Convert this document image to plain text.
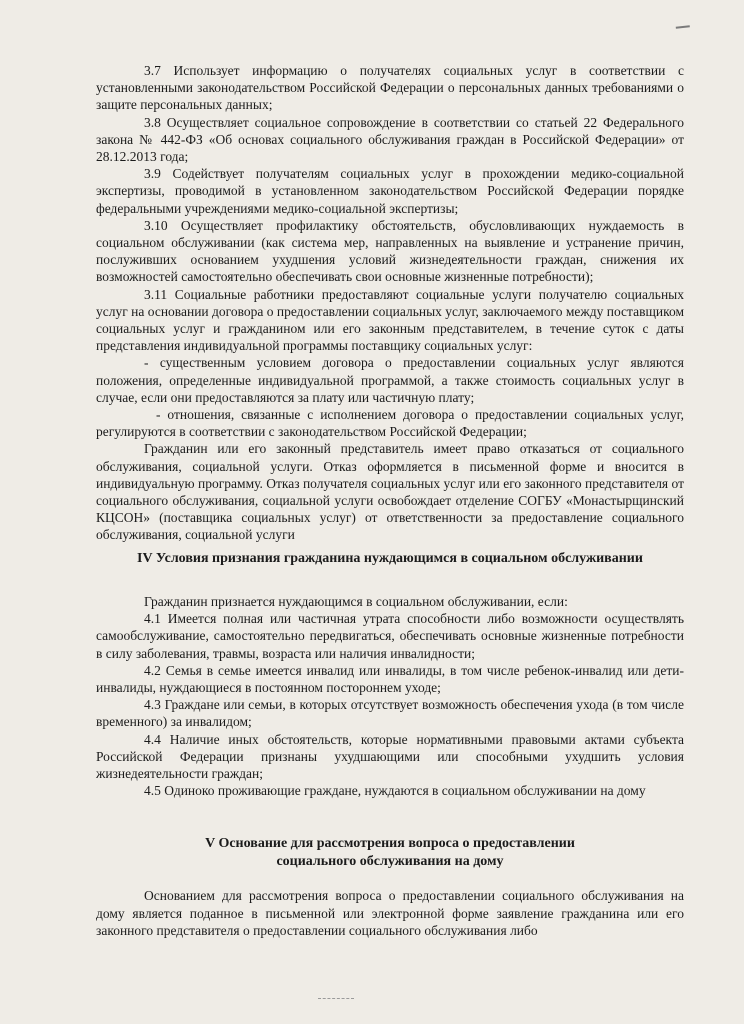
3.7 Использует информацию о получателях социальных услуг в соответствии с установленными законодательством Российской Федерации о персональных данных требованиями о защите персональных данных;

3.8 Осуществляет социальное сопровождение в соответствии со статьей 22 Федерального закона № 442-ФЗ «Об основах социального обслуживания граждан в Российской Федерации» от 28.12.2013 года;

3.9 Содействует получателям социальных услуг в прохождении медико-социальной экспертизы, проводимой в установленном законодательством Российской Федерации порядке федеральными учреждениями медико-социальной экспертизы;

3.10 Осуществляет профилактику обстоятельств, обусловливающих нуждаемость в социальном обслуживании (как система мер, направленных на выявление и устранение причин, послуживших основанием ухудшения условий жизнедеятельности граждан, снижения их возможностей самостоятельно обеспечивать свои основные жизненные потребности);

3.11 Социальные работники предоставляют социальные услуги получателю социальных услуг на основании договора о предоставлении социальных услуг, заключаемого между поставщиком социальных услуг и гражданином или его законным представителем, в течение суток с даты представления индивидуальной программы поставщику социальных услуг:

- существенным условием договора о предоставлении социальных услуг являются положения, определенные индивидуальной программой, а также стоимость социальных услуг в случае, если они предоставляются за плату или частичную плату;

- отношения, связанные с исполнением договора о предоставлении социальных услуг, регулируются в соответствии с законодательством Российской Федерации;

Гражданин или его законный представитель имеет право отказаться от социального обслуживания, социальной услуги. Отказ оформляется в письменной форме и вносится в индивидуальную программу. Отказ получателя социальных услуг или его законного представителя от социального обслуживания, социальной услуги освобождает отделение СОГБУ «Монастырщинский КЦСОН» (поставщика социальных услуг) от ответственности за предоставление социального обслуживания, социальной услуги

IV Условия признания гражданина нуждающимся в социальном обслуживании

Гражданин признается нуждающимся в социальном обслуживании, если:

4.1 Имеется полная или частичная утрата способности либо возможности осуществлять самообслуживание, самостоятельно передвигаться, обеспечивать основные жизненные потребности в силу заболевания, травмы, возраста или наличия инвалидности;

4.2 Семья в семье имеется инвалид или инвалиды, в том числе ребенок-инвалид или дети-инвалиды, нуждающиеся в постоянном постороннем уходе;

4.3 Граждане или семьи, в которых отсутствует возможность обеспечения ухода (в том числе временного) за инвалидом;

4.4 Наличие иных обстоятельств, которые нормативными правовыми актами субъекта Российской Федерации признаны ухудшающими или способными ухудшить условия жизнедеятельности граждан;

4.5 Одиноко проживающие граждане, нуждаются в социальном обслуживании на дому

V Основание для рассмотрения вопроса о предоставлении
социального обслуживания на дому

Основанием для рассмотрения вопроса о предоставлении социального обслуживания на дому является поданное в письменной или электронной форме заявление гражданина или его законного представителя о предоставлении социального обслуживания либо
